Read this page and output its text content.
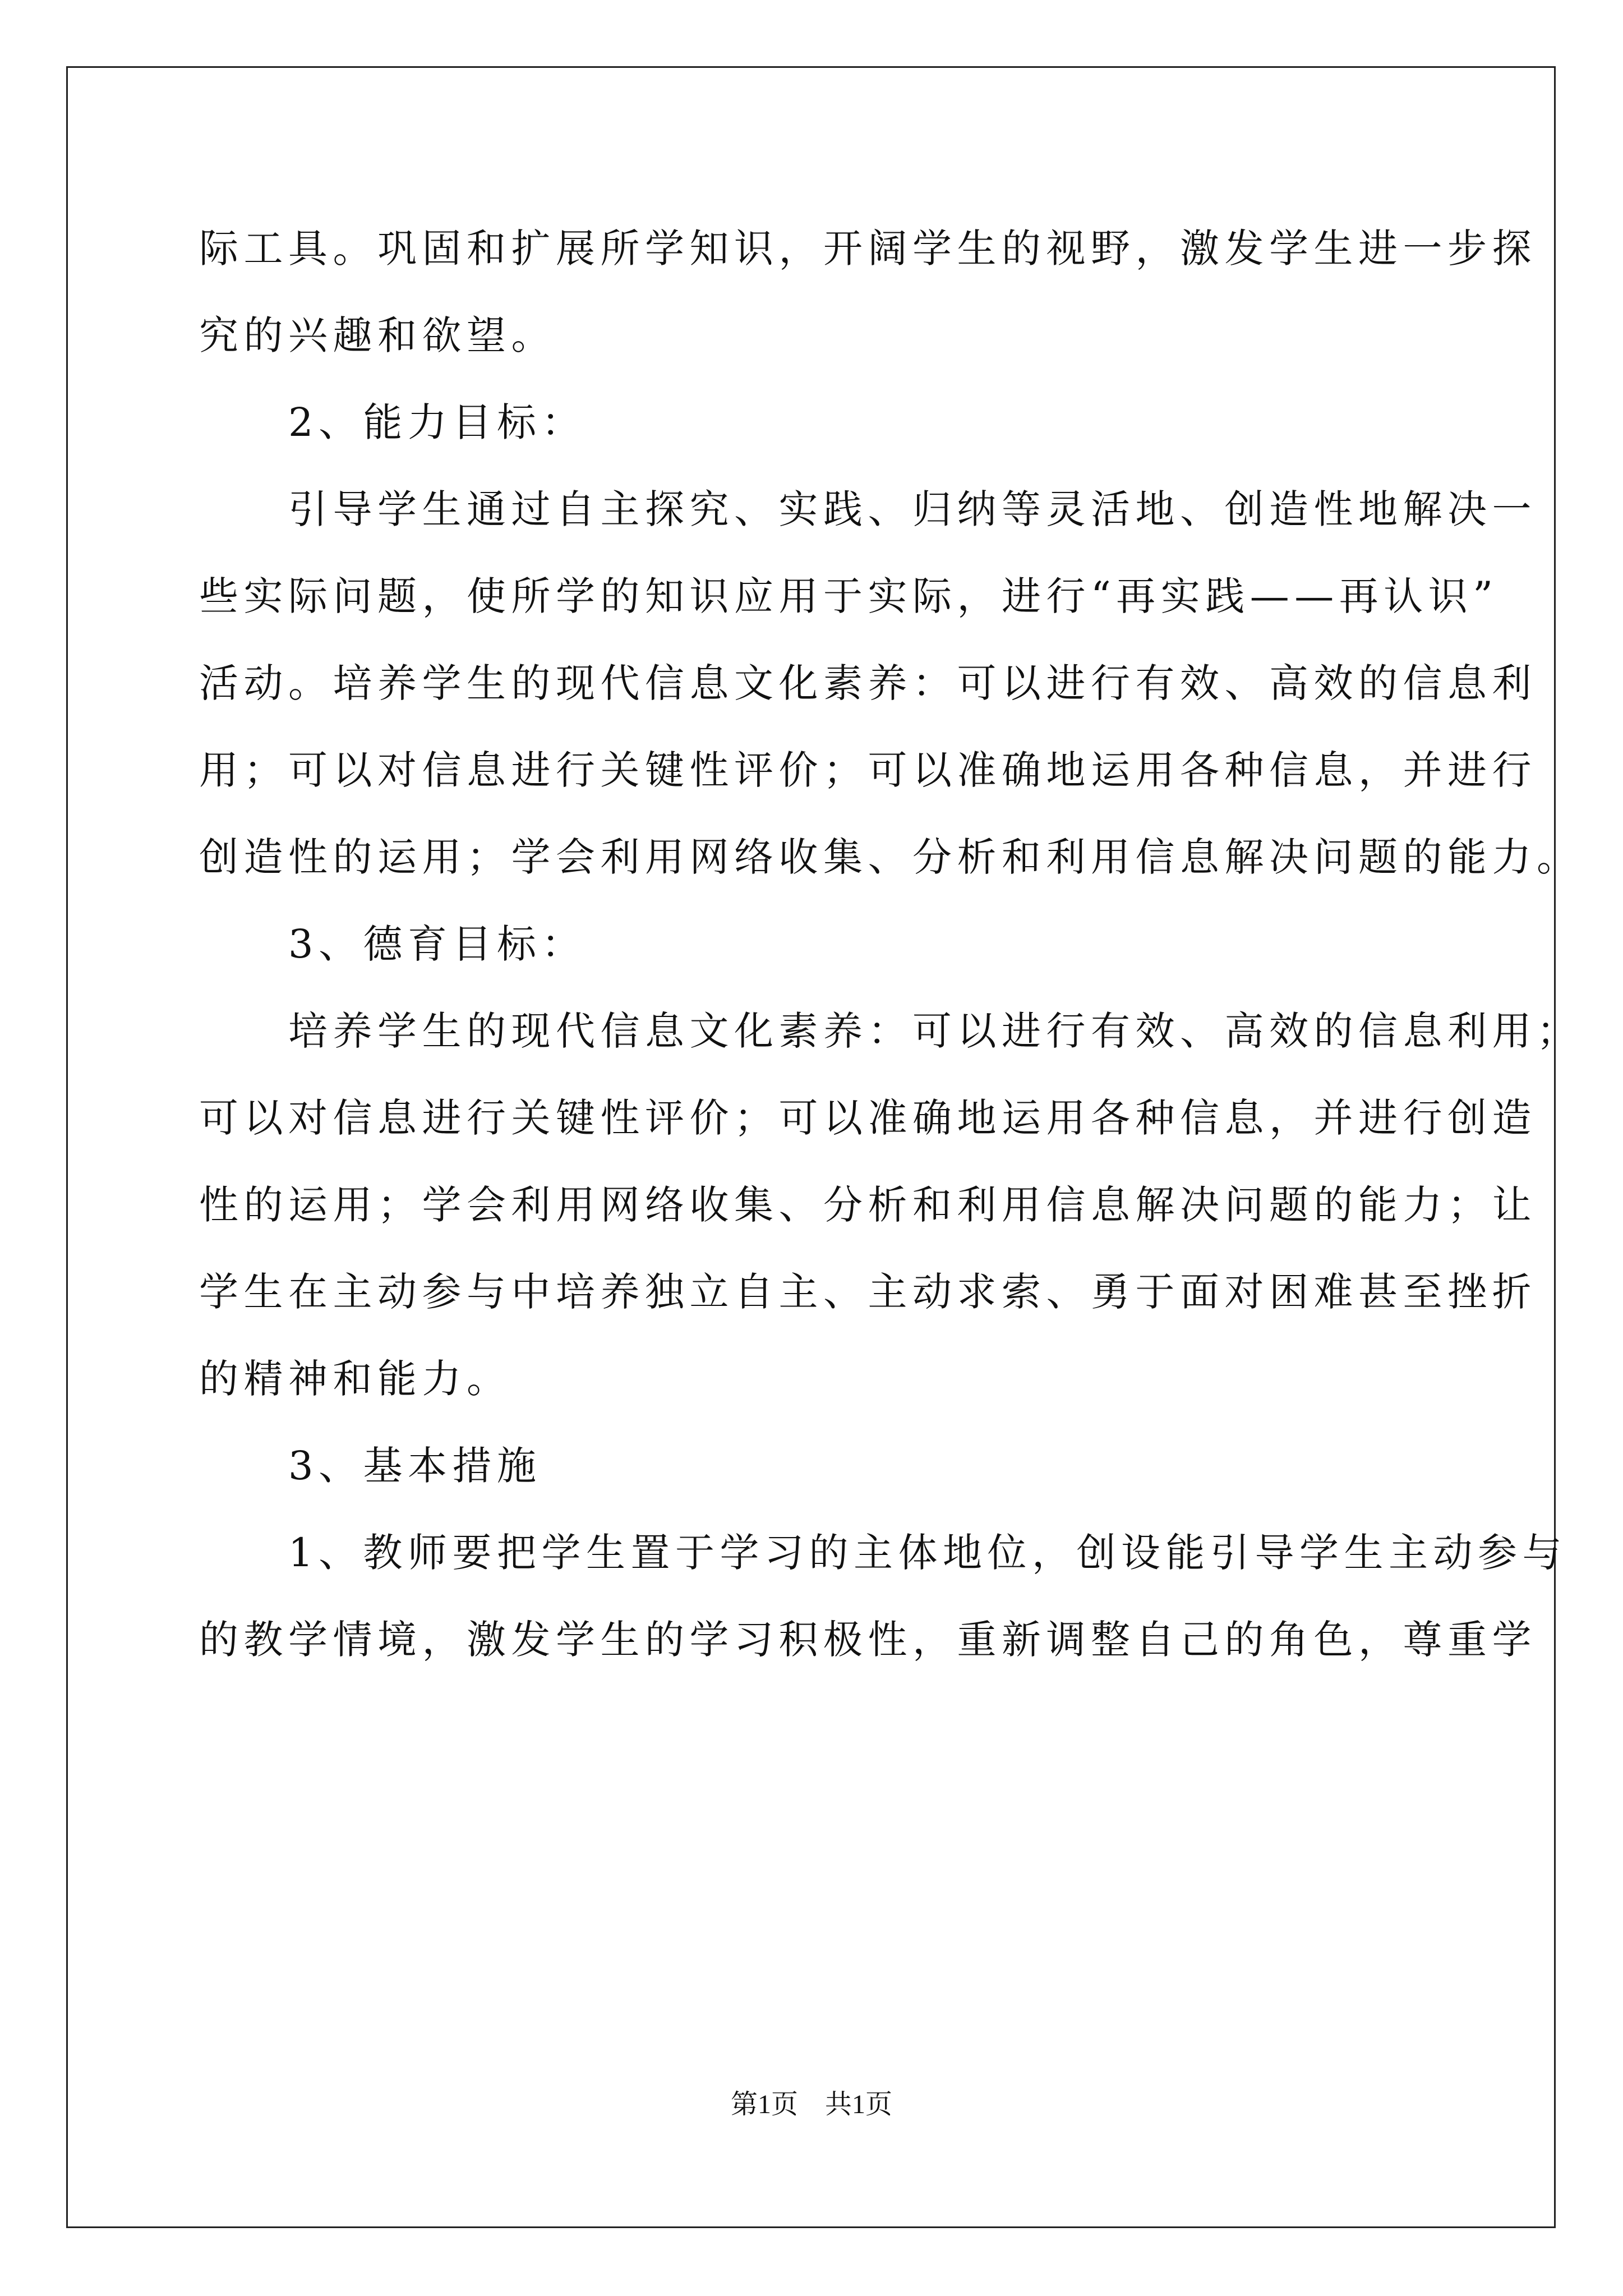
际工具。巩固和扩展所学知识，开阔学生的视野，激发学生进一步探
究的兴趣和欲望。
　　2、能力目标：
　　引导学生通过自主探究、实践、归纳等灵活地、创造性地解决一
些实际问题，使所学的知识应用于实际，进行“再实践——再认识”
活动。培养学生的现代信息文化素养：可以进行有效、高效的信息利
用；可以对信息进行关键性评价；可以准确地运用各种信息，并进行
创造性的运用；学会利用网络收集、分析和利用信息解决问题的能力。
　　3、德育目标：
　　培养学生的现代信息文化素养：可以进行有效、高效的信息利用；
可以对信息进行关键性评价；可以准确地运用各种信息，并进行创造
性的运用；学会利用网络收集、分析和利用信息解决问题的能力；让
学生在主动参与中培养独立自主、主动求索、勇于面对困难甚至挫折
的精神和能力。
　　3、基本措施
　　1、教师要把学生置于学习的主体地位，创设能引导学生主动参与
的教学情境，激发学生的学习积极性，重新调整自己的角色，尊重学
第1页　共1页
